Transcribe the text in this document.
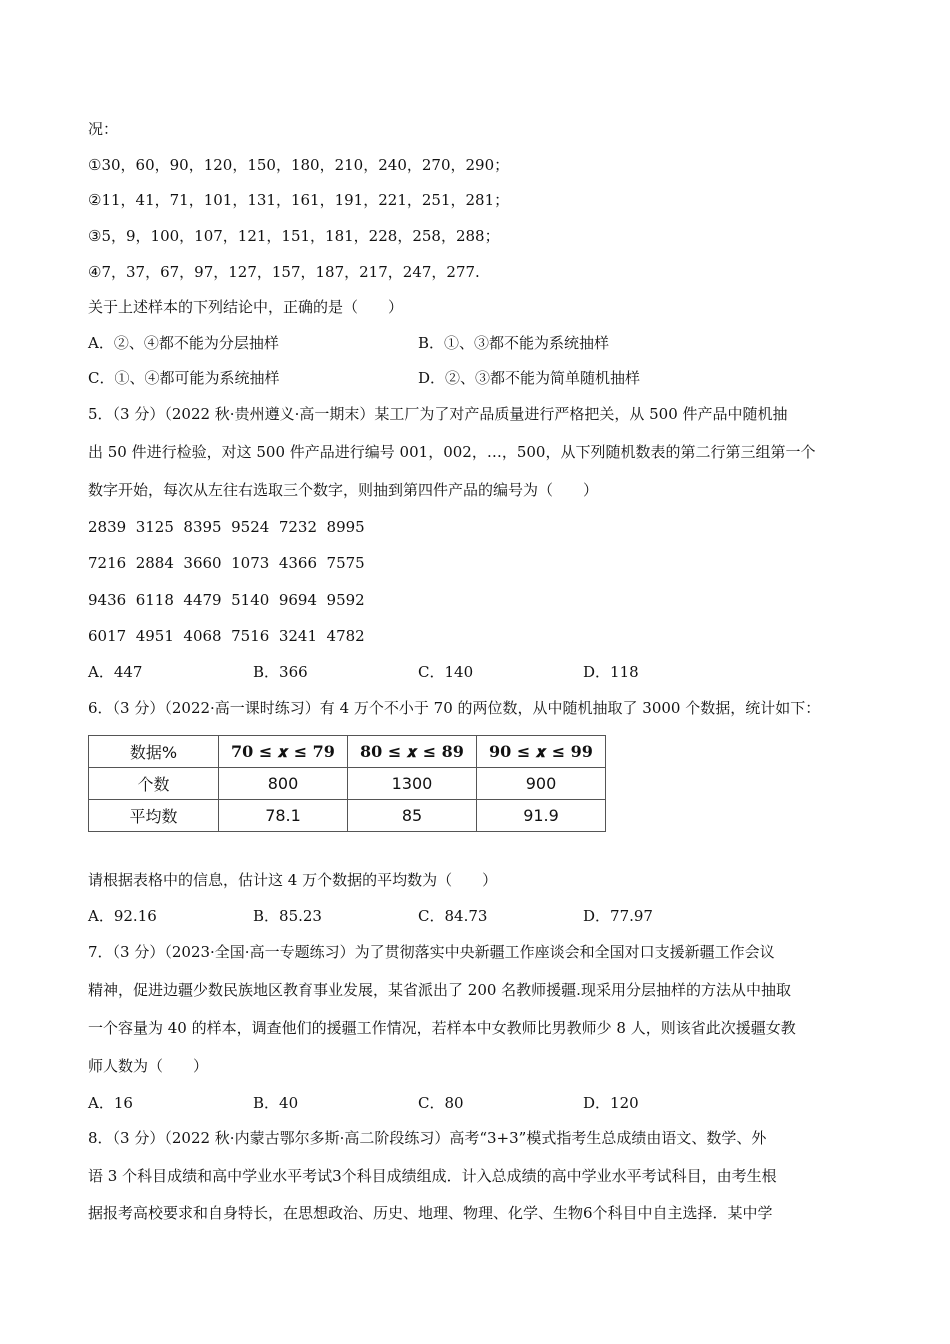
况：
①30，60，90，120，150，180，210，240，270，290；
②11，41，71，101，131，161，191，221，251，281；
③5，9，100，107，121，151，181，228，258，288；
④7，37，67，97，127，157，187，217，247，277.
关于上述样本的下列结论中，正确的是（　　）
A．②、④都不能为分层抽样	B．①、③都不能为系统抽样
C．①、④都可能为系统抽样	D．②、③都不能为简单随机抽样
5．（3 分）（2022 秋·贵州遵义·高一期末）某工厂为了对产品质量进行严格把关，从 500 件产品中随机抽
出 50 件进行检验，对这 500 件产品进行编号 001，002，…，500，从下列随机数表的第二行第三组第一个
数字开始，每次从左往右选取三个数字，则抽到第四件产品的编号为（　　）
2839  3125  8395  9524  7232  8995
7216  2884  3660  1073  4366  7575
9436  6118  4479  5140  9694  9592
6017  4951  4068  7516  3241  4782
A．447	B．366	C．140	D．118
6．（3 分）（2022·高一课时练习）有 4 万个不小于 70 的两位数，从中随机抽取了 3000 个数据，统计如下：
数据%	70 ≤ 𝒙 ≤ 79	80 ≤ 𝒙 ≤ 89	90 ≤ 𝒙 ≤ 99
个数	800	1300	900
平均数	78.1	85	91.9
请根据表格中的信息，估计这 4 万个数据的平均数为（　　）
A．92.16	B．85.23	C．84.73	D．77.97
7．（3 分）（2023·全国·高一专题练习）为了贯彻落实中央新疆工作座谈会和全国对口支援新疆工作会议
精神，促进边疆少数民族地区教育事业发展，某省派出了 200 名教师援疆.现采用分层抽样的方法从中抽取
一个容量为 40 的样本，调查他们的援疆工作情况，若样本中女教师比男教师少 8 人，则该省此次援疆女教
师人数为（　　）
A．16	B．40	C．80	D．120
8．（3 分）（2022 秋·内蒙古鄂尔多斯·高二阶段练习）高考“3+3”模式指考生总成绩由语文、数学、外
语 3 个科目成绩和高中学业水平考试3个科目成绩组成．计入总成绩的高中学业水平考试科目，由考生根
据报考高校要求和自身特长，在思想政治、历史、地理、物理、化学、生物6个科目中自主选择．某中学
